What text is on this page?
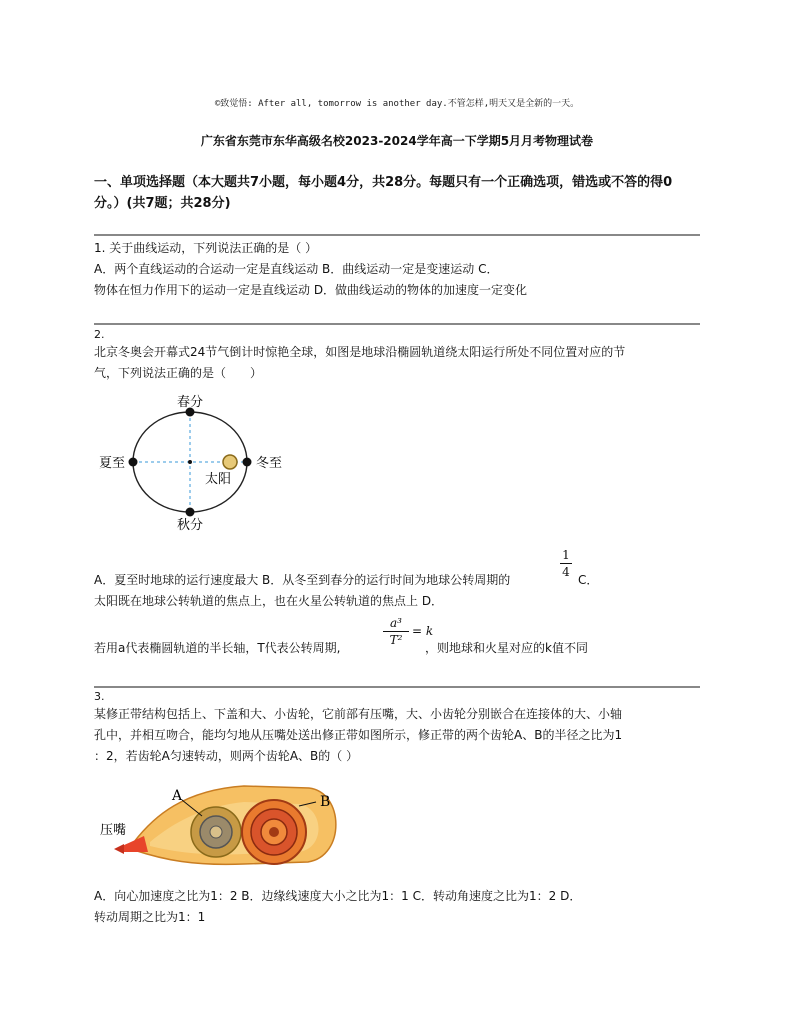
©致觉悟: After all, tomorrow is another day.不管怎样,明天又是全新的一天。
广东省东莞市东华高级名校2023-2024学年高一下学期5月月考物理试卷
一、单项选择题（本大题共7小题，每小题4分，共28分。每题只有一个正确选项，错选或不答的得0
分。）(共7题；共28分)

1. 关于曲线运动，下列说法正确的是（ ）

A．两个直线运动的合运动一定是直线运动 B．曲线运动一定是变速运动 C．

物体在恒力作用下的运动一定是直线运动 D．做曲线运动的物体的加速度一定变化

2.

北京冬奥会开幕式24节气倒计时惊艳全球，如图是地球沿椭圆轨道绕太阳运行所处不同位置对应的节

气，下列说法正确的是（　　）

春分
秋分
夏至	冬至
太阳

A．夏至时地球的运行速度最大 B．从冬至到春分的运行时间为地球公转周期的

太阳既在地球公转轨道的焦点上，也在火星公转轨道的焦点上 D．

1
4
C．
若用a代表椭圆轨道的半长轴，T代表公转周期,
a³
T²
= k
，则地球和火星对应的k值不同

3.

某修正带结构包括上、下盖和大、小齿轮，它前部有压嘴，大、小齿轮分别嵌合在连接体的大、小轴

孔中，并相互吻合，能均匀地从压嘴处送出修正带如图所示，修正带的两个齿轮A、B的半径之比为1

：2，若齿轮A匀速转动，则两个齿轮A、B的（ ）

A	B
压嘴

A．向心加速度之比为1：2 B．边缘线速度大小之比为1：1 C．转动角速度之比为1：2 D．

转动周期之比为1：1
